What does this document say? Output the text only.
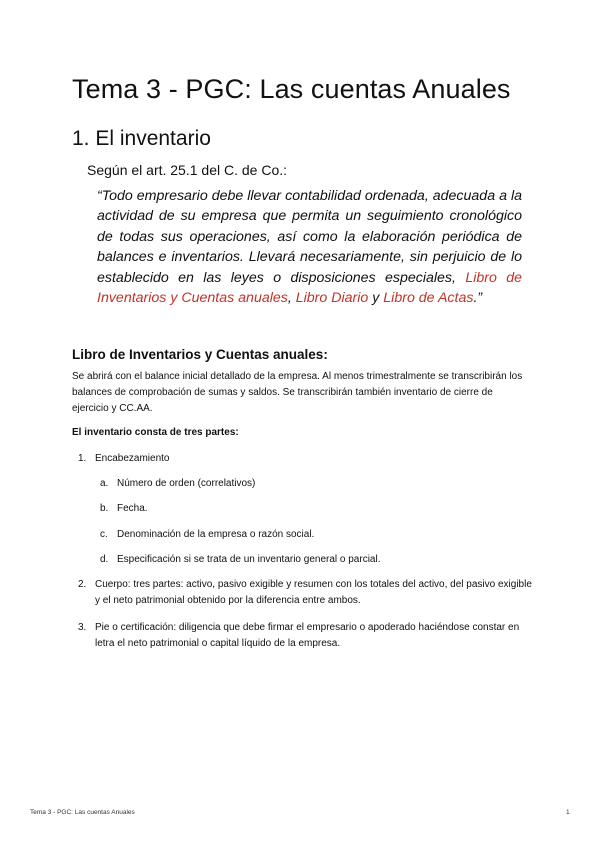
Tema 3 - PGC: Las cuentas Anuales
1. El inventario

Según el art. 25.1 del C. de Co.:

“Todo empresario debe llevar contabilidad ordenada, adecuada a la actividad de su empresa que permita un seguimiento cronológico de todas sus operaciones, así como la elaboración periódica de balances e inventarios. Llevará necesariamente, sin perjuicio de lo establecido en las leyes o disposiciones especiales, Libro de Inventarios y Cuentas anuales, Libro Diario y Libro de Actas.”

Libro de Inventarios y Cuentas anuales:

Se abrirá con el balance inicial detallado de la empresa. Al menos trimestralmente se transcribirán los balances de comprobación de sumas y saldos. Se transcribirán también inventario de cierre de ejercicio y CC.AA.

El inventario consta de tres partes:

1. Encabezamiento
a. Número de orden (correlativos)
b. Fecha.
c. Denominación de la empresa o razón social.
d. Especificación si se trata de un inventario general o parcial.
2. Cuerpo: tres partes: activo, pasivo exigible y resumen con los totales del activo, del pasivo exigible y el neto patrimonial obtenido por la diferencia entre ambos.
3. Pie o certificación: diligencia que debe firmar el empresario o apoderado haciéndose constar en letra el neto patrimonial o capital líquido de la empresa.
Tema 3 - PGC: Las cuentas Anuales	1
